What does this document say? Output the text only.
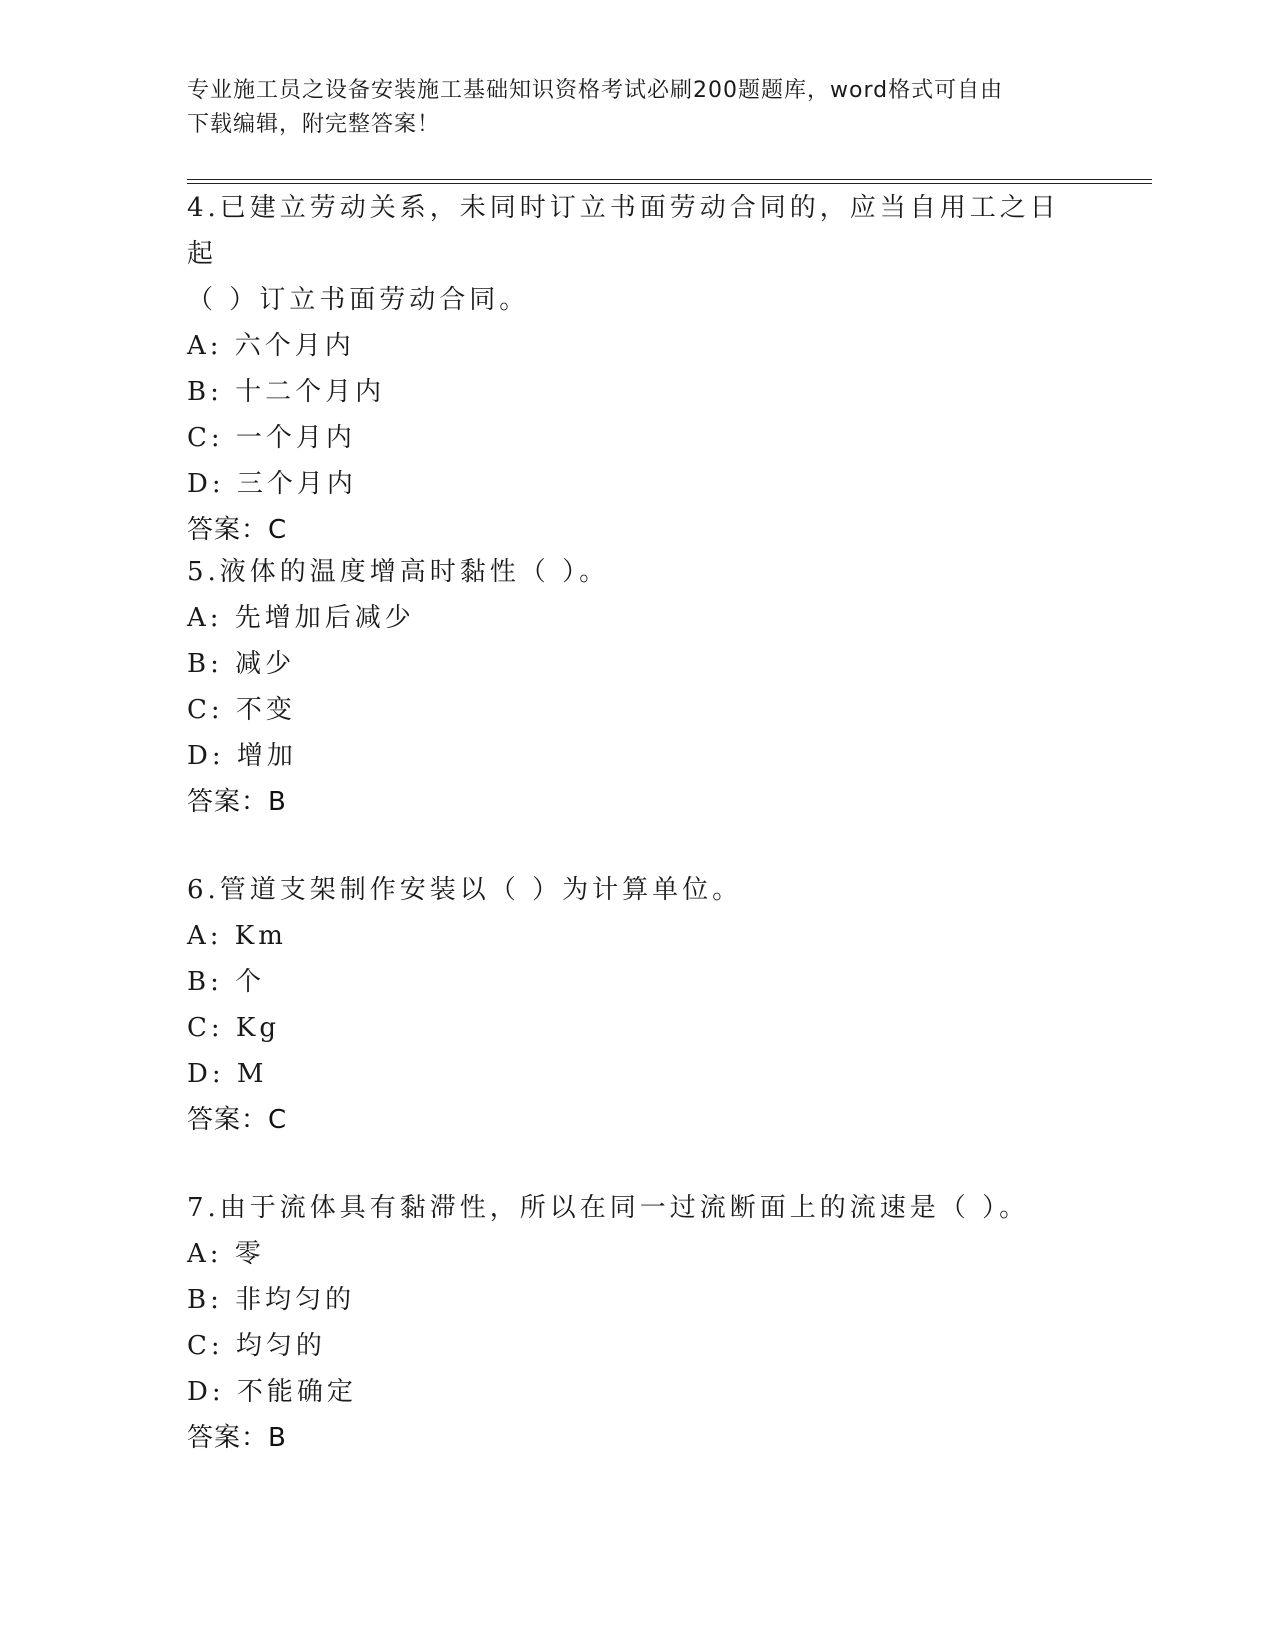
专业施工员之设备安装施工基础知识资格考试必刷200题题库，word格式可自由
下载编辑，附完整答案！

4.已建立劳动关系，未同时订立书面劳动合同的，应当自用工之日起

（ ）订立书面劳动合同。

A: 六个月内

B: 十二个月内

C: 一个月内

D: 三个月内

答案：C

5.液体的温度增高时黏性（ ）。

A: 先增加后减少

B: 减少

C: 不变

D: 增加

答案：B

6.管道支架制作安装以（ ）为计算单位。

A: Km

B: 个

C: Kg

D: M

答案：C

7.由于流体具有黏滞性，所以在同一过流断面上的流速是（ ）。

A: 零

B: 非均匀的

C: 均匀的

D: 不能确定

答案：B
